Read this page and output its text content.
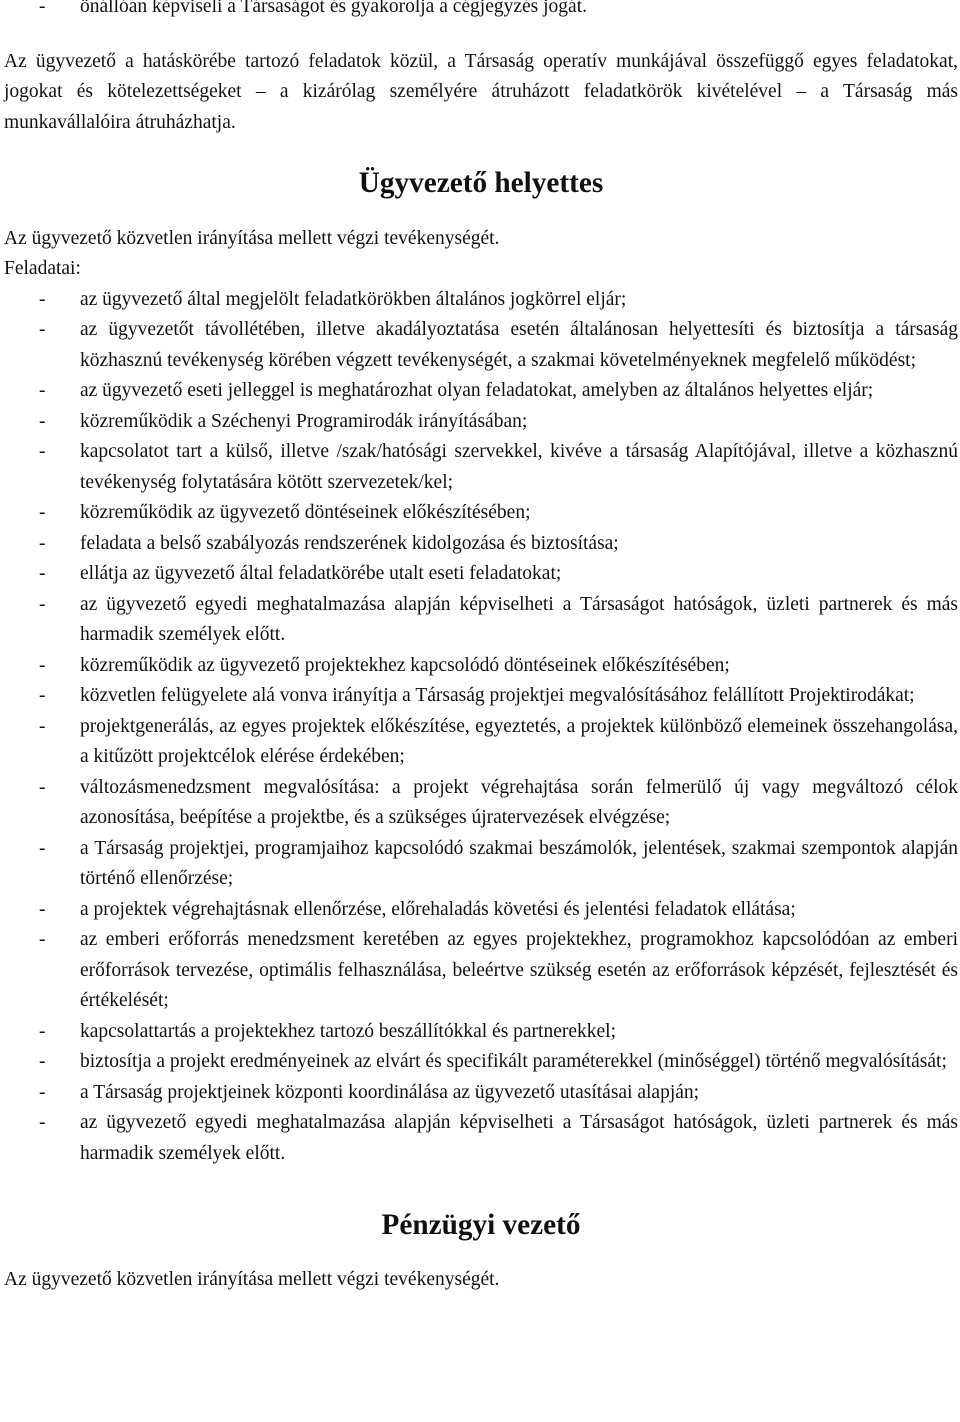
- önállóan képviseli a Társaságot és gyakorolja a cégjegyzés jogát.

Az ügyvezető a hatáskörébe tartozó feladatok közül, a Társaság operatív munkájával összefüggő egyes feladatokat, jogokat és kötelezettségeket – a kizárólag személyére átruházott feladatkörök kivételével – a Társaság más munkavállalóira átruházhatja.

Ügyvezető helyettes

Az ügyvezető közvetlen irányítása mellett végzi tevékenységét.

Feladatai:

- az ügyvezető által megjelölt feladatkörökben általános jogkörrel eljár;

- az ügyvezetőt távollétében, illetve akadályoztatása esetén általánosan helyettesíti és biztosítja a társaság közhasznú tevékenység körében végzett tevékenységét, a szakmai követelményeknek megfelelő működést;

- az ügyvezető eseti jelleggel is meghatározhat olyan feladatokat, amelyben az általános helyettes eljár;

- közreműködik a Széchenyi Programirodák irányításában;

- kapcsolatot tart a külső, illetve /szak/hatósági szervekkel, kivéve a társaság Alapítójával, illetve a közhasznú tevékenység folytatására kötött szervezetek/kel;

- közreműködik az ügyvezető döntéseinek előkészítésében;

- feladata a belső szabályozás rendszerének kidolgozása és biztosítása;

- ellátja az ügyvezető által feladatkörébe utalt eseti feladatokat;

- az ügyvezető egyedi meghatalmazása alapján képviselheti a Társaságot hatóságok, üzleti partnerek és más harmadik személyek előtt.

- közreműködik az ügyvezető projektekhez kapcsolódó döntéseinek előkészítésében;

- közvetlen felügyelete alá vonva irányítja a Társaság projektjei megvalósításához felállított Projektirodákat;

- projektgenerálás, az egyes projektek előkészítése, egyeztetés, a projektek különböző elemeinek összehangolása, a kitűzött projektcélok elérése érdekében;

- változásmenedzsment megvalósítása: a projekt végrehajtása során felmerülő új vagy megváltozó célok azonosítása, beépítése a projektbe, és a szükséges újratervezések elvégzése;

- a Társaság projektjei, programjaihoz kapcsolódó szakmai beszámolók, jelentések, szakmai szempontok alapján történő ellenőrzése;

- a projektek végrehajtásnak ellenőrzése, előrehaladás követési és jelentési feladatok ellátása;

- az emberi erőforrás menedzsment keretében az egyes projektekhez, programokhoz kapcsolódóan az emberi erőforrások tervezése, optimális felhasználása, beleértve szükség esetén az erőforrások képzését, fejlesztését és értékelését;

- kapcsolattartás a projektekhez tartozó beszállítókkal és partnerekkel;

- biztosítja a projekt eredményeinek az elvárt és specifikált paraméterekkel (minőséggel) történő megvalósítását;

- a Társaság projektjeinek központi koordinálása az ügyvezető utasításai alapján;

- az ügyvezető egyedi meghatalmazása alapján képviselheti a Társaságot hatóságok, üzleti partnerek és más harmadik személyek előtt.

Pénzügyi vezető

Az ügyvezető közvetlen irányítása mellett végzi tevékenységét.
